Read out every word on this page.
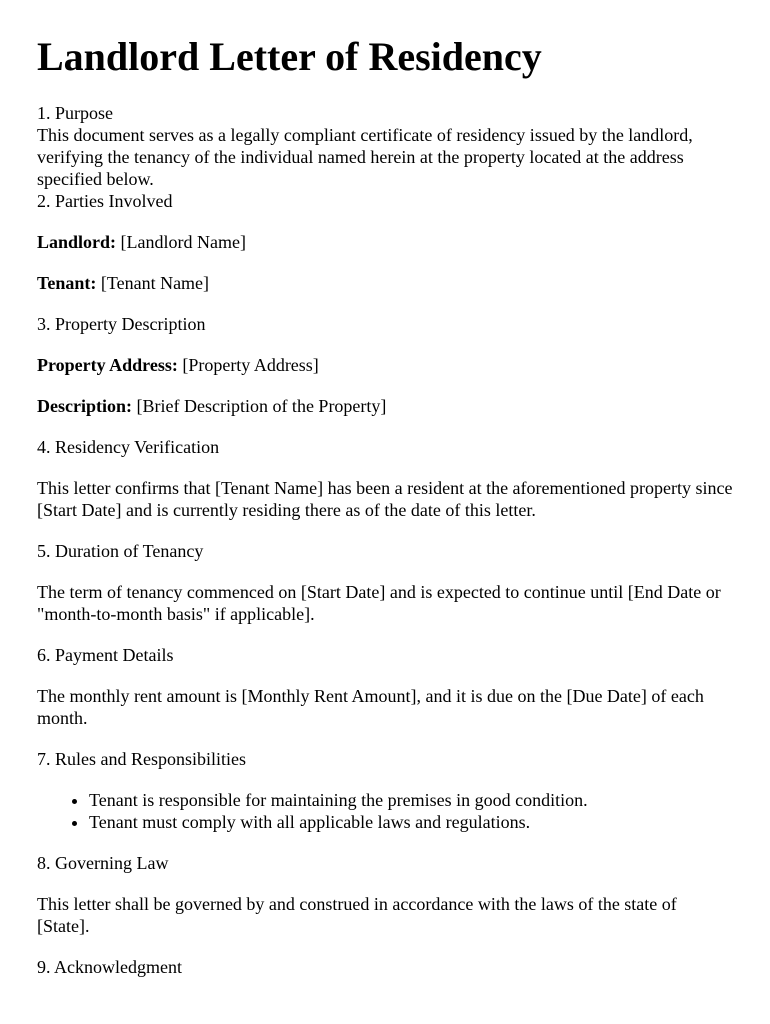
Landlord Letter of Residency

1. Purpose

This document serves as a legally compliant certificate of residency issued by the landlord, verifying the tenancy of the individual named herein at the property located at the address specified below.

2. Parties Involved

Landlord: [Landlord Name]

Tenant: [Tenant Name]

3. Property Description

Property Address: [Property Address]

Description: [Brief Description of the Property]

4. Residency Verification

This letter confirms that [Tenant Name] has been a resident at the aforementioned property since [Start Date] and is currently residing there as of the date of this letter.

5. Duration of Tenancy

The term of tenancy commenced on [Start Date] and is expected to continue until [End Date or "month-to-month basis" if applicable].

6. Payment Details

The monthly rent amount is [Monthly Rent Amount], and it is due on the [Due Date] of each month.

7. Rules and Responsibilities

• Tenant is responsible for maintaining the premises in good condition.
• Tenant must comply with all applicable laws and regulations.

8. Governing Law

This letter shall be governed by and construed in accordance with the laws of the state of [State].

9. Acknowledgment
